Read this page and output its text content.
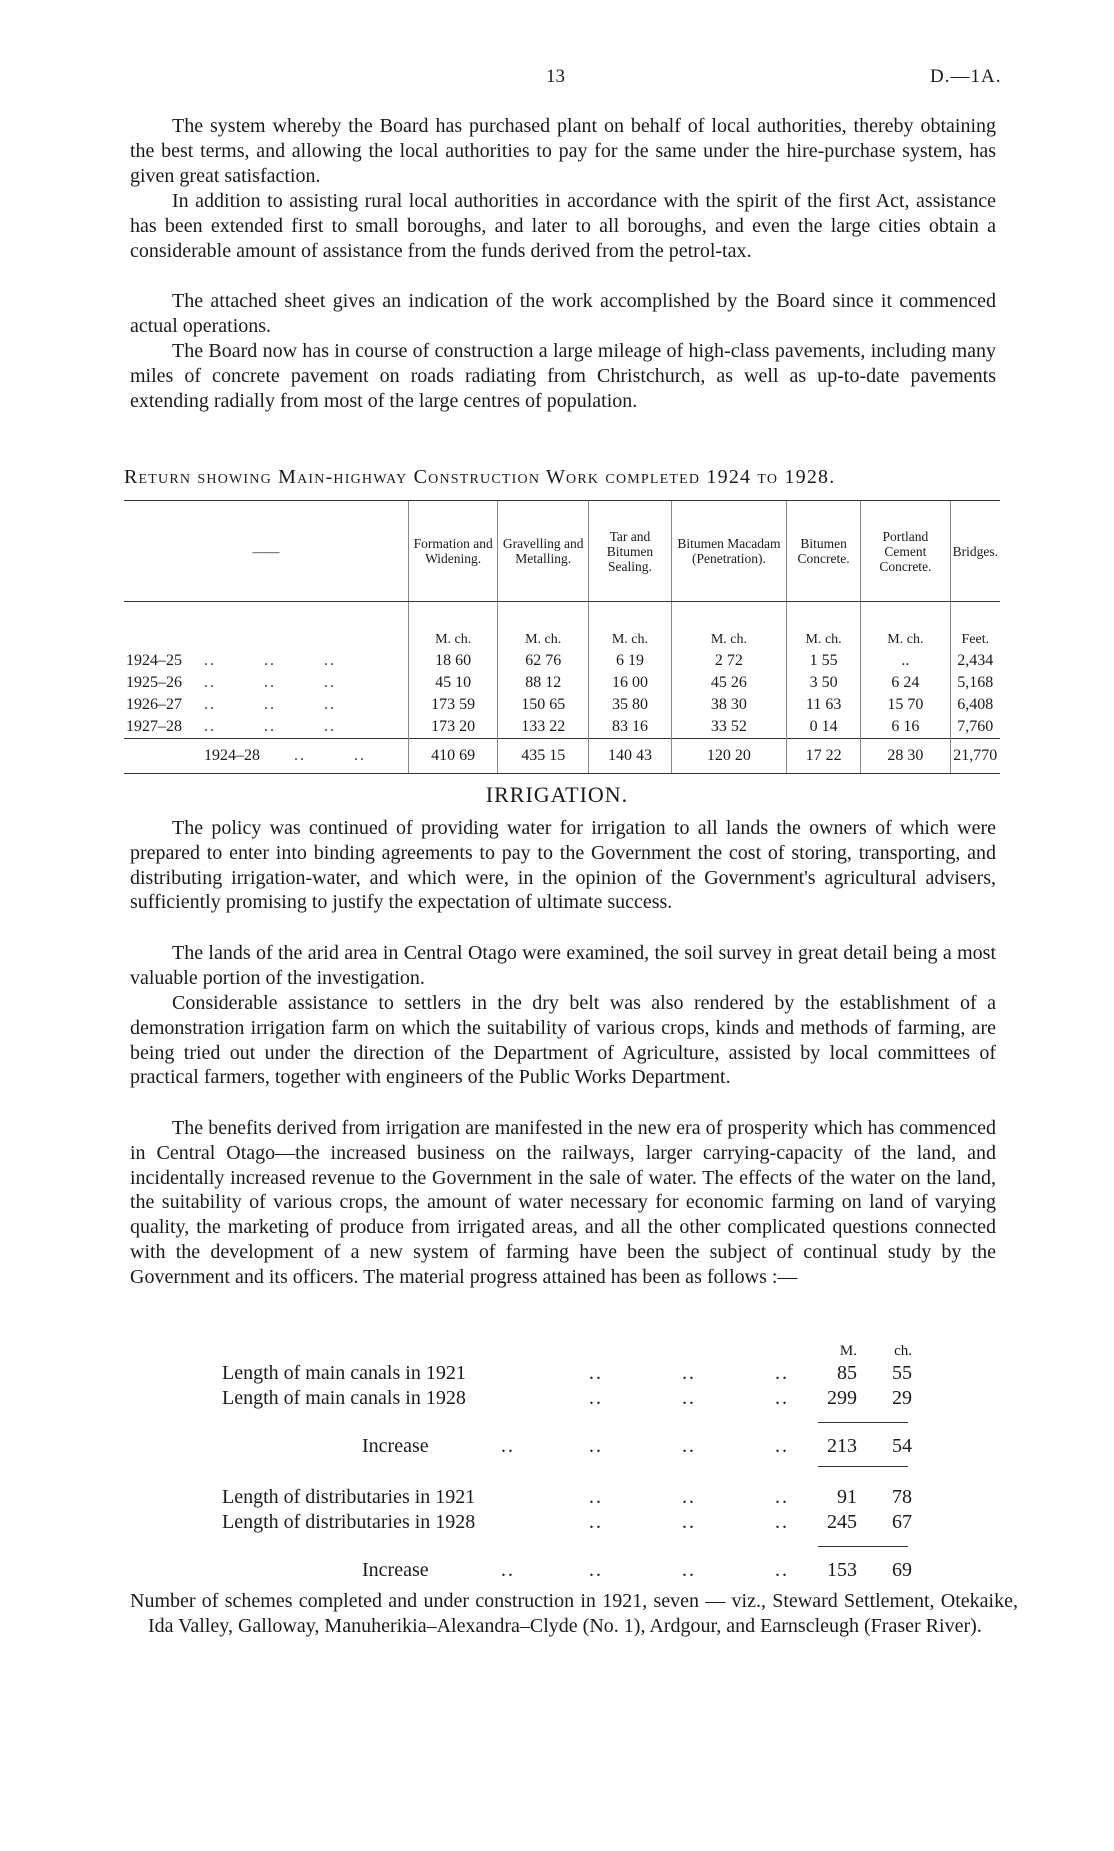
13	D.—1A.

The system whereby the Board has purchased plant on behalf of local authorities, thereby obtaining the best terms, and allowing the local authorities to pay for the same under the hire-purchase system, has given great satisfaction.

In addition to assisting rural local authorities in accordance with the spirit of the first Act, assistance has been extended first to small boroughs, and later to all boroughs, and even the large cities obtain a considerable amount of assistance from the funds derived from the petrol-tax.

The attached sheet gives an indication of the work accomplished by the Board since it commenced actual operations.

The Board now has in course of construction a large mileage of high-class pavements, including many miles of concrete pavement on roads radiating from Christchurch, as well as up-to-date pavements extending radially from most of the large centres of population.

Return showing Main-highway Construction Work completed 1924 to 1928.
——	Formation and Widening.	Gravelling and Metalling.	Tar and Bitumen Sealing.	Bitumen Macadam (Penetration).	Bitumen Concrete.	Portland Cement Concrete.	Bridges.
	M. ch.	M. ch.	M. ch.	M. ch.	M. ch.	M. ch.	Feet.
1924–25    ..        ..        ..	18 60	62 76	6 19	2 72	1 55	..	2,434
1925–26    ..        ..        ..	45 10	88 12	16 00	45 26	3 50	6 24	5,168
1926–27    ..        ..        ..	173 59	150 65	35 80	38 30	11 63	15 70	6,408
1927–28    ..        ..        ..	173 20	133 22	83 16	33 52	0 14	6 16	7,760
1924–28      ..        ..	410 69	435 15	140 43	120 20	17 22	28 30	21,770
IRRIGATION.

The policy was continued of providing water for irrigation to all lands the owners of which were prepared to enter into binding agreements to pay to the Government the cost of storing, transporting, and distributing irrigation-water, and which were, in the opinion of the Government's agricultural advisers, sufficiently promising to justify the expectation of ultimate success.

The lands of the arid area in Central Otago were examined, the soil survey in great detail being a most valuable portion of the investigation.

Considerable assistance to settlers in the dry belt was also rendered by the establishment of a demonstration irrigation farm on which the suitability of various crops, kinds and methods of farming, are being tried out under the direction of the Department of Agriculture, assisted by local committees of practical farmers, together with engineers of the Public Works Department.

The benefits derived from irrigation are manifested in the new era of prosperity which has commenced in Central Otago—the increased business on the railways, larger carrying-capacity of the land, and incidentally increased revenue to the Government in the sale of water. The effects of the water on the land, the suitability of various crops, the amount of water necessary for economic farming on land of varying quality, the marketing of produce from irrigated areas, and all the other complicated questions connected with the development of a new system of farming have been the subject of continual study by the Government and its officers. The material progress attained has been as follows :—

M.	ch.
Length of main canals in 1921	..	..	..	85	55
Length of main canals in 1928	..	..	..	299	29
Increase	..	..	..	..	213	54
Length of distributaries in 1921	..	..	..	91	78
Length of distributaries in 1928	..	..	..	245	67
Increase	..	..	..	..	153	69

Number of schemes completed and under construction in 1921, seven — viz., Steward Settlement, Otekaike, Ida Valley, Galloway, Manuherikia–Alexandra–Clyde (No. 1), Ardgour, and Earnscleugh (Fraser River).
